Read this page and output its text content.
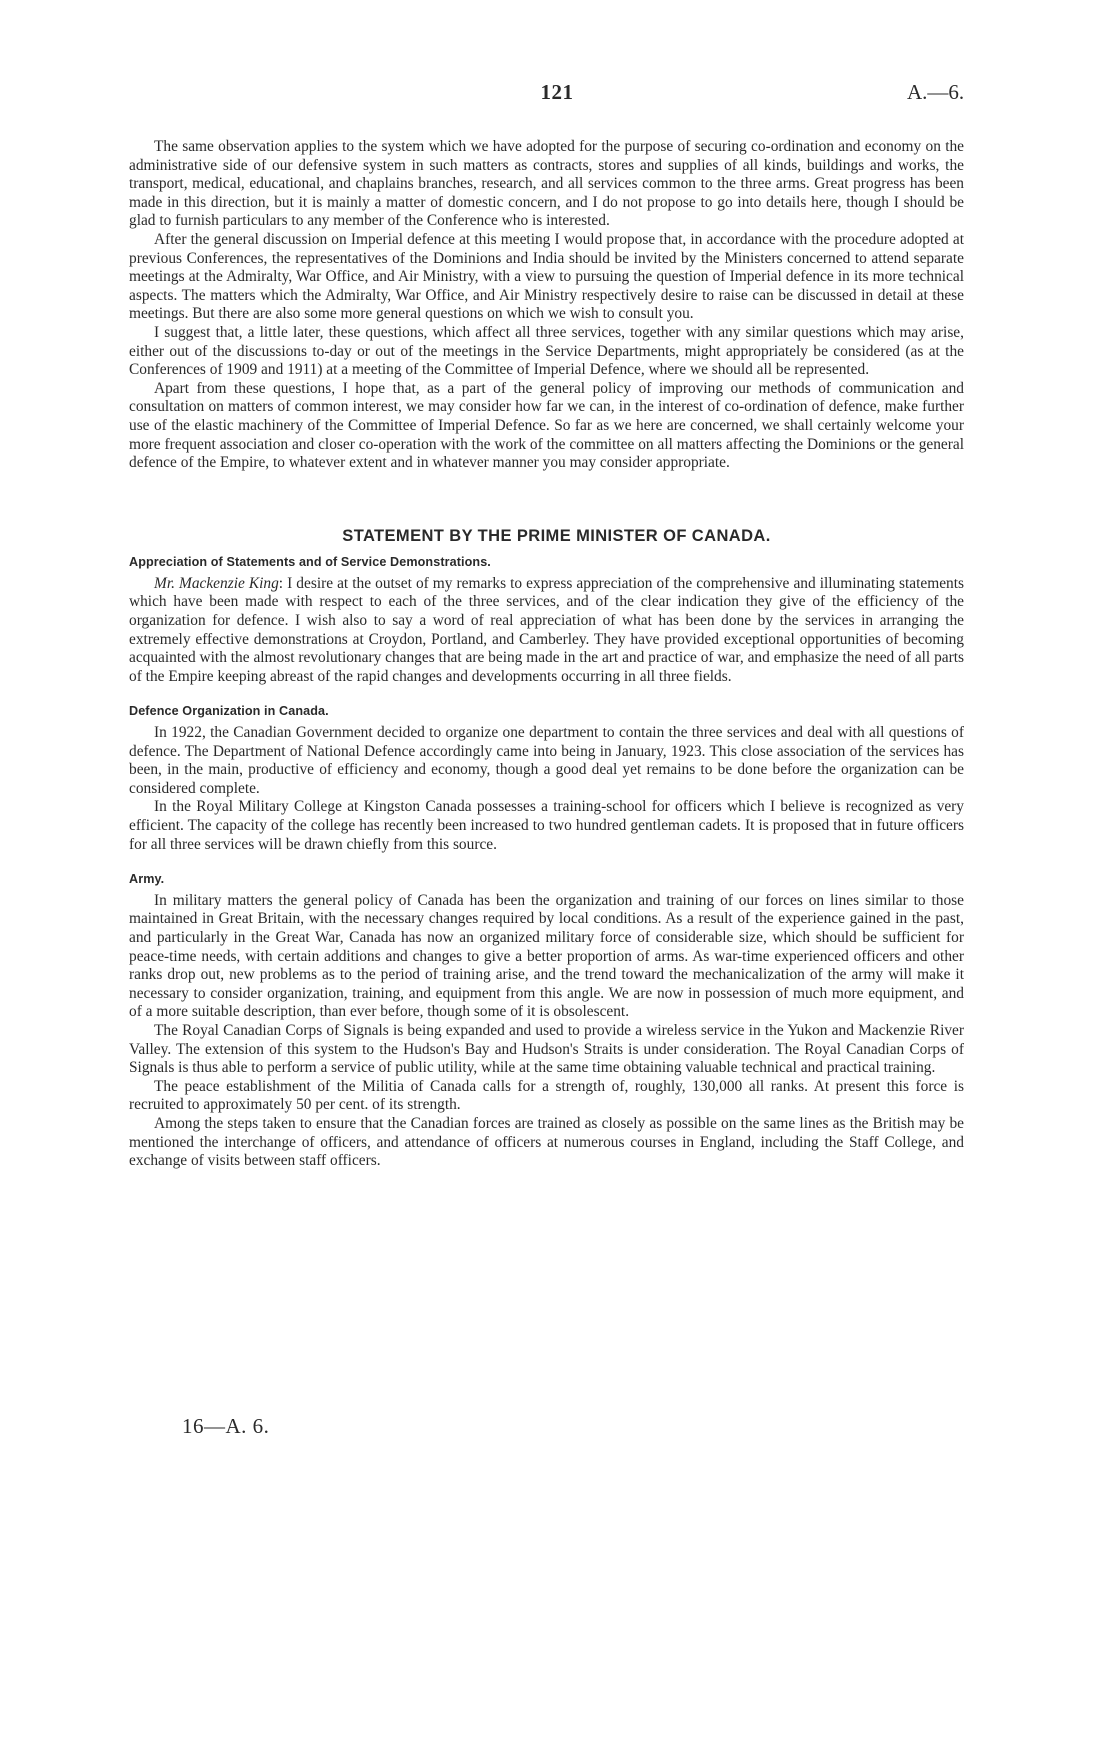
121	A.—6.

The same observation applies to the system which we have adopted for the purpose of securing co-ordination and economy on the administrative side of our defensive system in such matters as contracts, stores and supplies of all kinds, buildings and works, the transport, medical, educational, and chaplains branches, research, and all services common to the three arms. Great progress has been made in this direction, but it is mainly a matter of domestic concern, and I do not propose to go into details here, though I should be glad to furnish particulars to any member of the Conference who is interested.

After the general discussion on Imperial defence at this meeting I would propose that, in accordance with the procedure adopted at previous Conferences, the representatives of the Dominions and India should be invited by the Ministers concerned to attend separate meetings at the Admiralty, War Office, and Air Ministry, with a view to pursuing the question of Imperial defence in its more technical aspects. The matters which the Admiralty, War Office, and Air Ministry respectively desire to raise can be discussed in detail at these meetings. But there are also some more general questions on which we wish to consult you.

I suggest that, a little later, these questions, which affect all three services, together with any similar questions which may arise, either out of the discussions to-day or out of the meetings in the Service Departments, might appropriately be considered (as at the Conferences of 1909 and 1911) at a meeting of the Committee of Imperial Defence, where we should all be represented.

Apart from these questions, I hope that, as a part of the general policy of improving our methods of communication and consultation on matters of common interest, we may consider how far we can, in the interest of co-ordination of defence, make further use of the elastic machinery of the Committee of Imperial Defence. So far as we here are concerned, we shall certainly welcome your more frequent association and closer co-operation with the work of the committee on all matters affecting the Dominions or the general defence of the Empire, to whatever extent and in whatever manner you may consider appropriate.

STATEMENT BY THE PRIME MINISTER OF CANADA.
Appreciation of Statements and of Service Demonstrations.

Mr. Mackenzie King: I desire at the outset of my remarks to express appreciation of the comprehensive and illuminating statements which have been made with respect to each of the three services, and of the clear indication they give of the efficiency of the organization for defence. I wish also to say a word of real appreciation of what has been done by the services in arranging the extremely effective demonstrations at Croydon, Portland, and Camberley. They have provided exceptional opportunities of becoming acquainted with the almost revolutionary changes that are being made in the art and practice of war, and emphasize the need of all parts of the Empire keeping abreast of the rapid changes and developments occurring in all three fields.

Defence Organization in Canada.

In 1922, the Canadian Government decided to organize one department to contain the three services and deal with all questions of defence. The Department of National Defence accordingly came into being in January, 1923. This close association of the services has been, in the main, productive of efficiency and economy, though a good deal yet remains to be done before the organization can be considered complete.

In the Royal Military College at Kingston Canada possesses a training-school for officers which I believe is recognized as very efficient. The capacity of the college has recently been increased to two hundred gentleman cadets. It is proposed that in future officers for all three services will be drawn chiefly from this source.

Army.

In military matters the general policy of Canada has been the organization and training of our forces on lines similar to those maintained in Great Britain, with the necessary changes required by local conditions. As a result of the experience gained in the past, and particularly in the Great War, Canada has now an organized military force of considerable size, which should be sufficient for peace-time needs, with certain additions and changes to give a better proportion of arms. As war-time experienced officers and other ranks drop out, new problems as to the period of training arise, and the trend toward the mechanicalization of the army will make it necessary to consider organization, training, and equipment from this angle. We are now in possession of much more equipment, and of a more suitable description, than ever before, though some of it is obsolescent.

The Royal Canadian Corps of Signals is being expanded and used to provide a wireless service in the Yukon and Mackenzie River Valley. The extension of this system to the Hudson's Bay and Hudson's Straits is under consideration. The Royal Canadian Corps of Signals is thus able to perform a service of public utility, while at the same time obtaining valuable technical and practical training.

The peace establishment of the Militia of Canada calls for a strength of, roughly, 130,000 all ranks. At present this force is recruited to approximately 50 per cent. of its strength.

Among the steps taken to ensure that the Canadian forces are trained as closely as possible on the same lines as the British may be mentioned the interchange of officers, and attendance of officers at numerous courses in England, including the Staff College, and exchange of visits between staff officers.

16—A. 6.
